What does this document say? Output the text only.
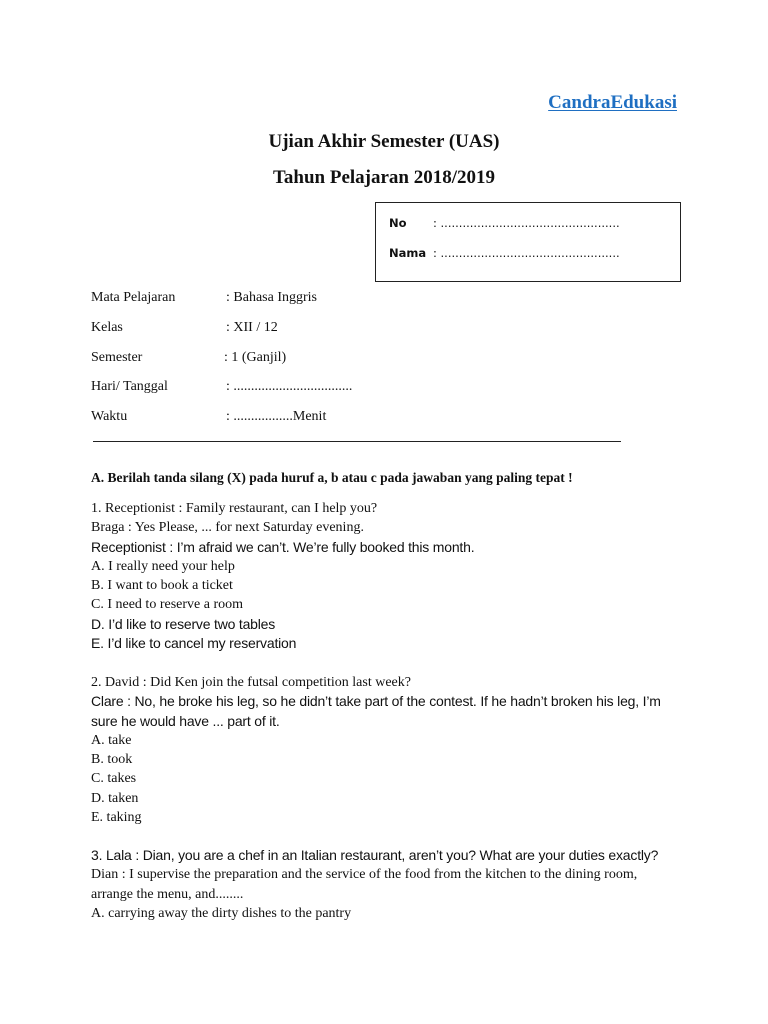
CandraEdukasi
Ujian Akhir Semester (UAS)
Tahun Pelajaran 2018/2019
No	: .................................................
Nama : .................................................
Mata Pelajaran	: Bahasa Inggris
Kelas	: XII / 12
Semester	: 1 (Ganjil)
Hari/ Tanggal	: ..................................
Waktu	: .................Menit
A. Berilah tanda silang (X) pada huruf a, b atau c pada jawaban yang paling tepat !
1. Receptionist : Family restaurant, can I help you?
Braga : Yes Please, ... for next Saturday evening.
Receptionist : I’m afraid we can’t. We’re fully booked this month.
A. I really need your help
B. I want to book a ticket
C. I need to reserve a room
D. I’d like to reserve two tables
E. I’d like to cancel my reservation
2. David : Did Ken join the futsal competition last week?
Clare : No, he broke his leg, so he didn’t take part of the contest. If he hadn’t broken his leg, I’m sure he would have ... part of it.
A. take
B. took
C. takes
D. taken
E. taking
3. Lala : Dian, you are a chef in an Italian restaurant, aren’t you? What are your duties exactly?
Dian : I supervise the preparation and the service of the food from the kitchen to the dining room, arrange the menu, and........
A. carrying away the dirty dishes to the pantry
